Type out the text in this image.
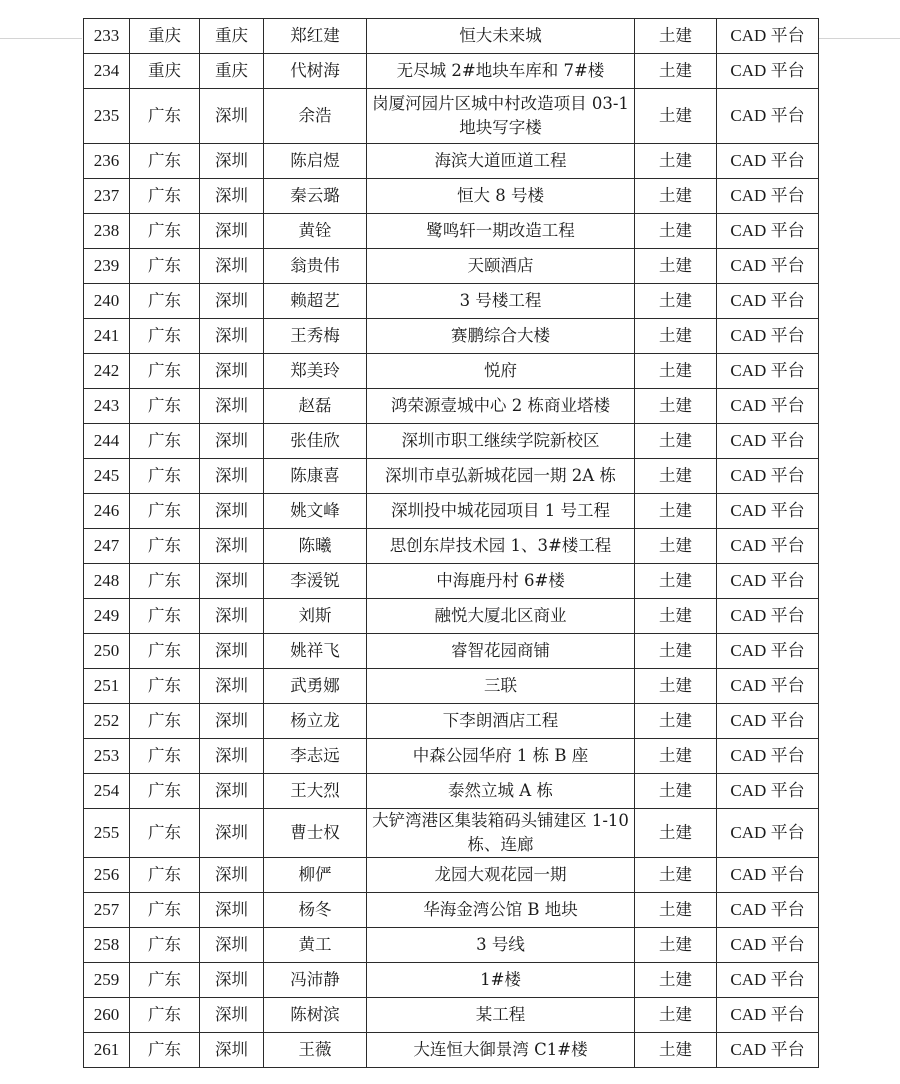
233	重庆	重庆	郑红建	恒大未来城	土建	CAD 平台
234	重庆	重庆	代树海	无尽城 2#地块车库和 7#楼	土建	CAD 平台
235	广东	深圳	余浩	岗厦河园片区城中村改造项目 03-1 地块写字楼	土建	CAD 平台
236	广东	深圳	陈启煜	海滨大道匝道工程	土建	CAD 平台
237	广东	深圳	秦云璐	恒大 8 号楼	土建	CAD 平台
238	广东	深圳	黄铨	鹭鸣轩一期改造工程	土建	CAD 平台
239	广东	深圳	翁贵伟	天颐酒店	土建	CAD 平台
240	广东	深圳	赖超艺	3 号楼工程	土建	CAD 平台
241	广东	深圳	王秀梅	赛鹏综合大楼	土建	CAD 平台
242	广东	深圳	郑美玲	悦府	土建	CAD 平台
243	广东	深圳	赵磊	鸿荣源壹城中心 2 栋商业塔楼	土建	CAD 平台
244	广东	深圳	张佳欣	深圳市职工继续学院新校区	土建	CAD 平台
245	广东	深圳	陈康喜	深圳市卓弘新城花园一期 2A 栋	土建	CAD 平台
246	广东	深圳	姚文峰	深圳投中城花园项目 1 号工程	土建	CAD 平台
247	广东	深圳	陈曦	思创东岸技术园 1、3#楼工程	土建	CAD 平台
248	广东	深圳	李湲锐	中海鹿丹村 6#楼	土建	CAD 平台
249	广东	深圳	刘斯	融悦大厦北区商业	土建	CAD 平台
250	广东	深圳	姚祥飞	睿智花园商铺	土建	CAD 平台
251	广东	深圳	武勇娜	三联	土建	CAD 平台
252	广东	深圳	杨立龙	下李朗酒店工程	土建	CAD 平台
253	广东	深圳	李志远	中森公园华府 1 栋 B 座	土建	CAD 平台
254	广东	深圳	王大烈	泰然立城 A 栋	土建	CAD 平台
255	广东	深圳	曹士权	大铲湾港区集装箱码头铺建区 1-10 栋、连廊	土建	CAD 平台
256	广东	深圳	柳俨	龙园大观花园一期	土建	CAD 平台
257	广东	深圳	杨冬	华海金湾公馆 B 地块	土建	CAD 平台
258	广东	深圳	黄工	3 号线	土建	CAD 平台
259	广东	深圳	冯沛静	1#楼	土建	CAD 平台
260	广东	深圳	陈树滨	某工程	土建	CAD 平台
261	广东	深圳	王薇	大连恒大御景湾 C1#楼	土建	CAD 平台
